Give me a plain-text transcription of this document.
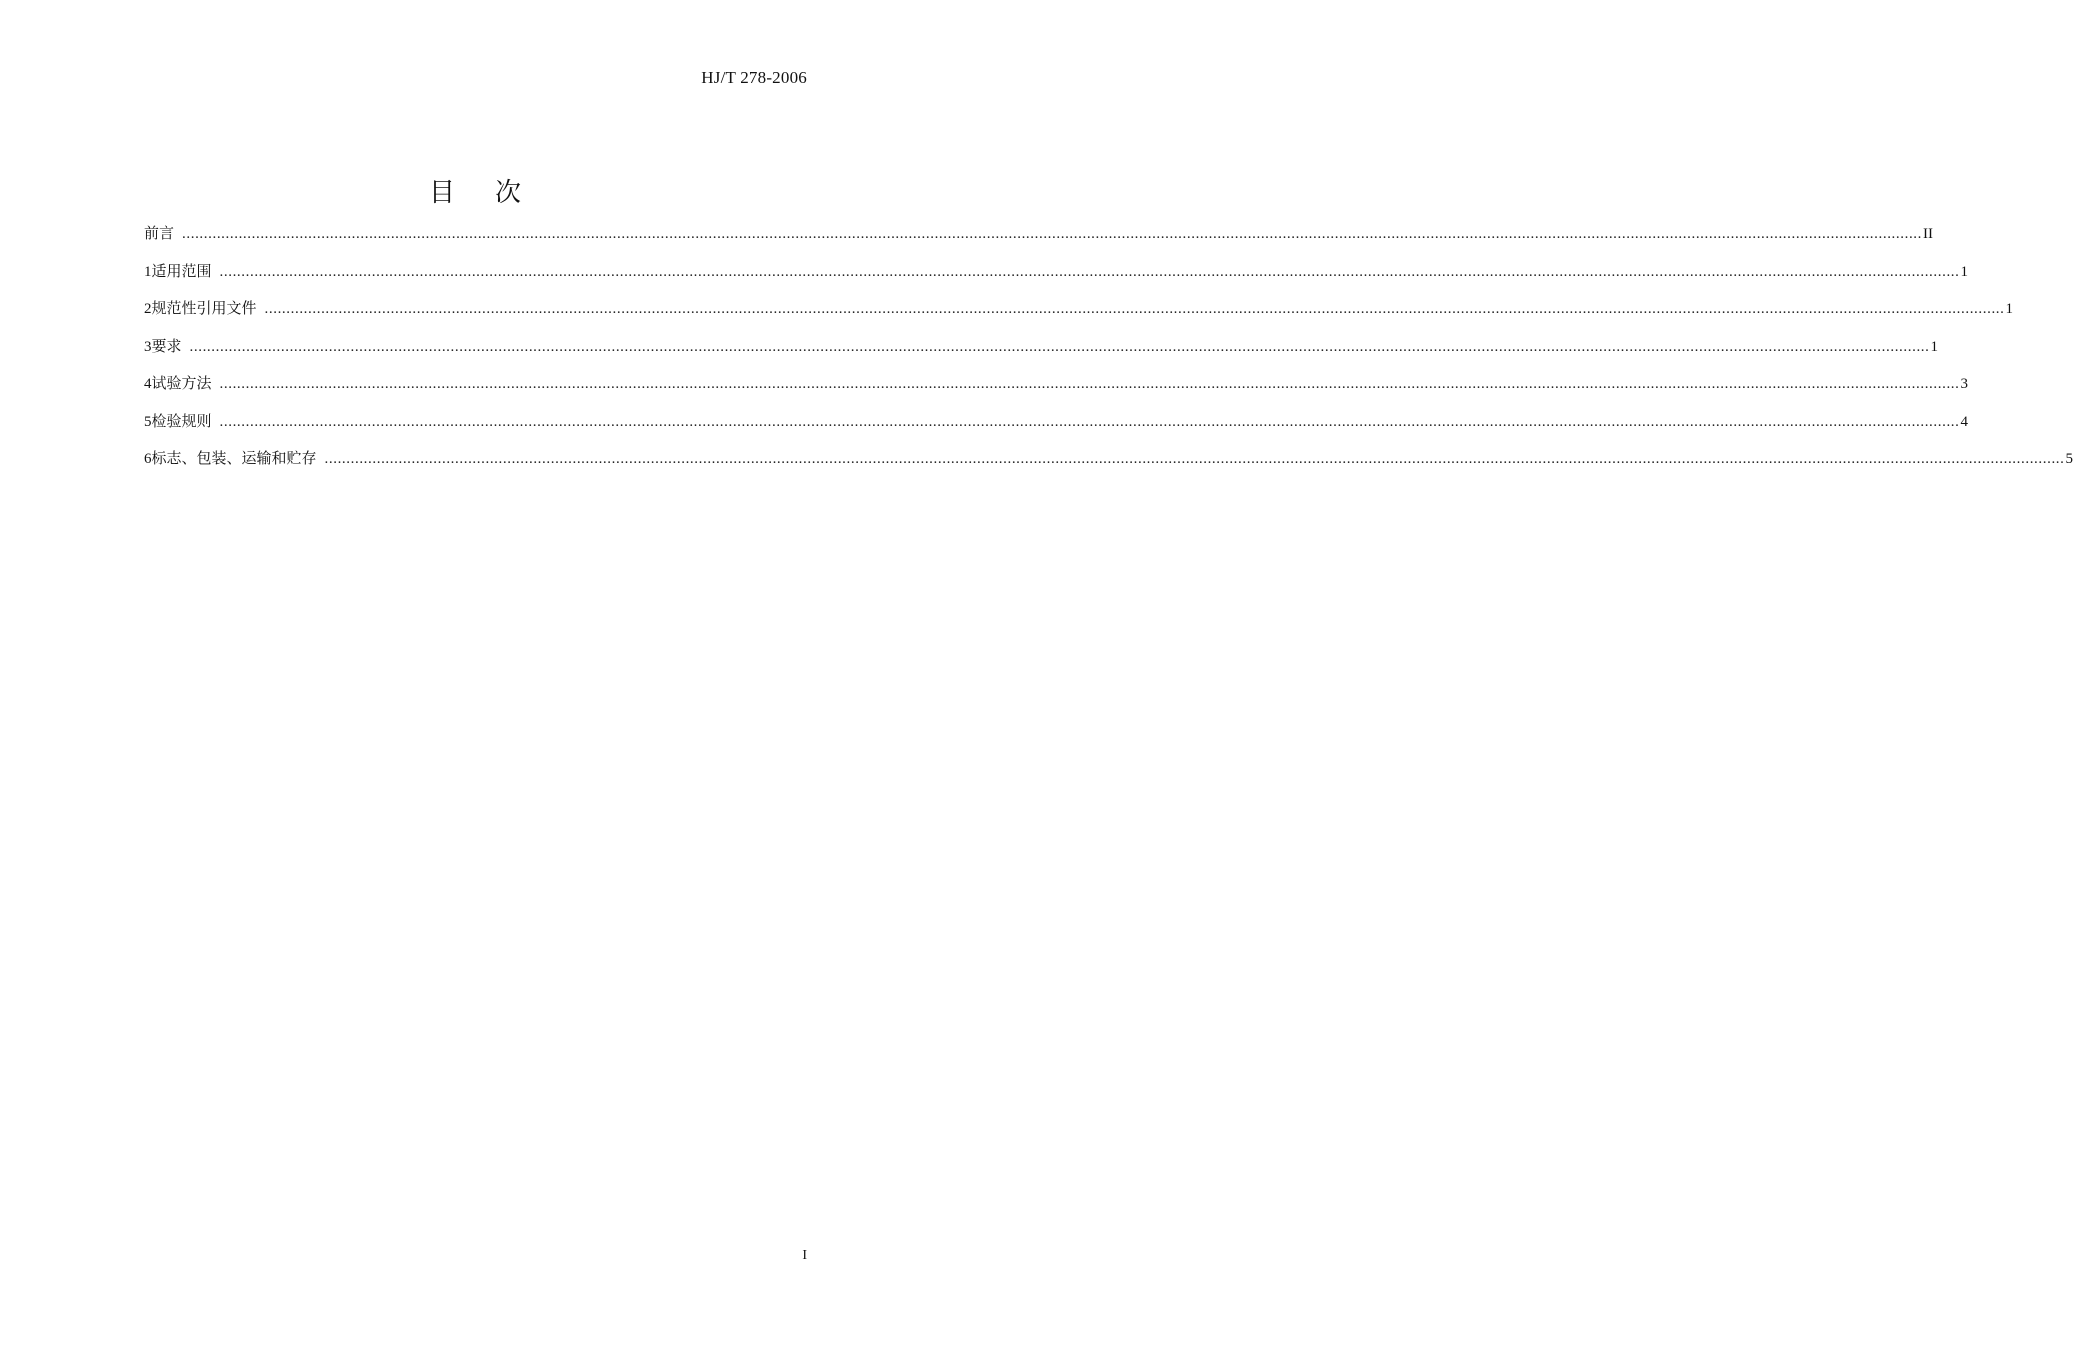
HJ/T 278-2006
目 次
前言 ................................................................................................................................................................................................................................................................................................................................................................................................................ II
1 适用范围 ................................................................................................................................................................................................................................................................................................................................................................................................................ 1
2 规范性引用文件 ................................................................................................................................................................................................................................................................................................................................................................................................................ 1
3 要求 ................................................................................................................................................................................................................................................................................................................................................................................................................ 1
4 试验方法 ................................................................................................................................................................................................................................................................................................................................................................................................................ 3
5 检验规则 ................................................................................................................................................................................................................................................................................................................................................................................................................ 4
6 标志、包装、运输和贮存 ................................................................................................................................................................................................................................................................................................................................................................................................................ 5
I
